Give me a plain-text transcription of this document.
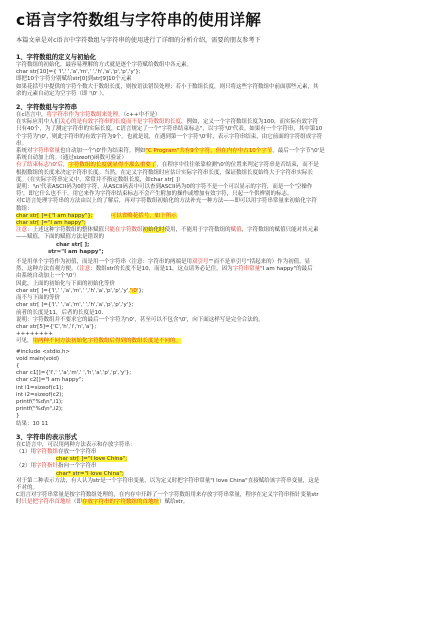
c语言字符数组与字符串的使用详解
本篇文章是对c语言中字符数组与字符串的使用进行了详细的分析介绍，需要的朋友参考下
1、字符数组的定义与初始化
字符数组的初始化，最容易理解的方式就是逐个字符赋给数组中各元素。
char str[10]={ 'I',' ','a','m',' ','h','a','p','p','y'};
即把10个字符分别赋给str[0]到str[9]10个元素
如果花括号中提供的字符个数大于数组长度，则按语法错误处理；若小于数组长度，则只将这些字符数组中前面那些元素，其
余的元素自动定为空字符（即 '\0' ）。
2、字符数组与字符串
在c语言中，将字符串作为字符数组来处理。（c++中不是）
在实际应用中人们关心的是有效字符串的长度而不是字符数组的长度，例如，定义一个字符数组长度为100，而实际有效字符
只有40个，为了测定字符串的实际长度，C语言规定了一个"字符串结束标志"，以字符'\0'代表。如果有一个字符串，其中第10
个字符为'\0'，则此字符串的有效字符为9个。也就是说，在遇到第一个字符'\0'时，表示字符串结束，由它前面的字符组成字符
串。
系统对字符串常量也自动加一个'\0'作为结束符。例如"C Program"共有9个字符，但在内存中占10个字节，最后一个字节'\0'是
系统自动加上的。（通过sizeof()函数可验证）
有了结束标志'\0'后，字符数组的长度就显得不那么重要了，在程序中往往依靠检测'\0'的位置来判定字符串是否结束，而不是
根据数组的长度来决定字符串长度。当然，在定义字符数组时应估计实际字符串长度，保证数组长度始终大于字符串实际长
度。（在实际字符串定义中，常常并不指定数组长度，如char str[ ]）
说明：'\n'代表ASCII码为0的字符，从ASCII码表中可以查到ASCII码为0的字符不是一个可以显示的字符，而是一个'空操作
符'，即它什么也不干。用它来作为字符串结束标志不会产生附加的操作或增加有效字符，只起一个供辨别的标志。
对C语言处理字符串的方法由以上的了解后，再对字符数组初始化的方法补充一种方法——即可以用字符串常量来初始化字符
数组：
char str[ ]={"I am happy"};	可以省略花括号，如下所示
char str[ ]="I am happy";
注意：上述这种字符数组的整体赋值只能在字符数组初始化时使用，不能用于字符数组的赋值，字符数组的赋值只能对其元素
——赋值，下面的赋值方法是错误的
char str[ ];
str="I am happy";
不是用单个字符作为初值，而是用一个字符串（注意：字符串的两端是用双引号""而不是单引号''括起来的）作为初值。显
然，这种方法直观方便。（注意：数组str的长度不是10，而是11，这点请务必记住，因为字符串常量"I am happy"的最后
由系统自动加上一个'\0'）
因此，上面的初始化与下面的初始化等价
char str[ ]={'I',' ','a','m',' ','h','a','p','p','y','\0'};
而不与下面的等价
char str[ ]={'I',' ','a','m',' ','h','a','p','p','y'};
前者的长度是11，后者的长度是10.
说明：字符数组并不要求它的最后一个字符为'\0'，甚至可以不包含'\0'，向下面这样写是完全合法的。
char str[5]={'C','h','i','n','a'};
++++++++
可见，用两种不同方法初始化字符数组后得到的数组长度是不同的。
#include <stdio.h>
void main(void)
{
char c1[]={'I',' ','a','m',' ','h','a','p','p','y'};
char c2[]="I am happy";
int i1=sizeof(c1);
int i2=sizeof(c2);
printf("%d\n",i1);
printf("%d\n",i2);
}
结果：10 11
3、字符串的表示形式
在C语言中，可以用两种方法表示和存放字符串：
（1）用字符数组存放一个字符串
char str[ ]="I love China";
（2）用字符指针指向一个字符串
char* str="I love China";
对于第二种表示方法，有人认为str是一个字符串变量，以为定义时把字符串常量"I love China"直接赋给该字符串变量，这是
不对的。
C语言对字符串常量是按字符数组处理的，在内存中开辟了一个字符数组用来存放字符串常量，程序在定义字符串指针变量str
时只是把字符串首地址（即存放字符串的字符数组的首地址）赋给str。
